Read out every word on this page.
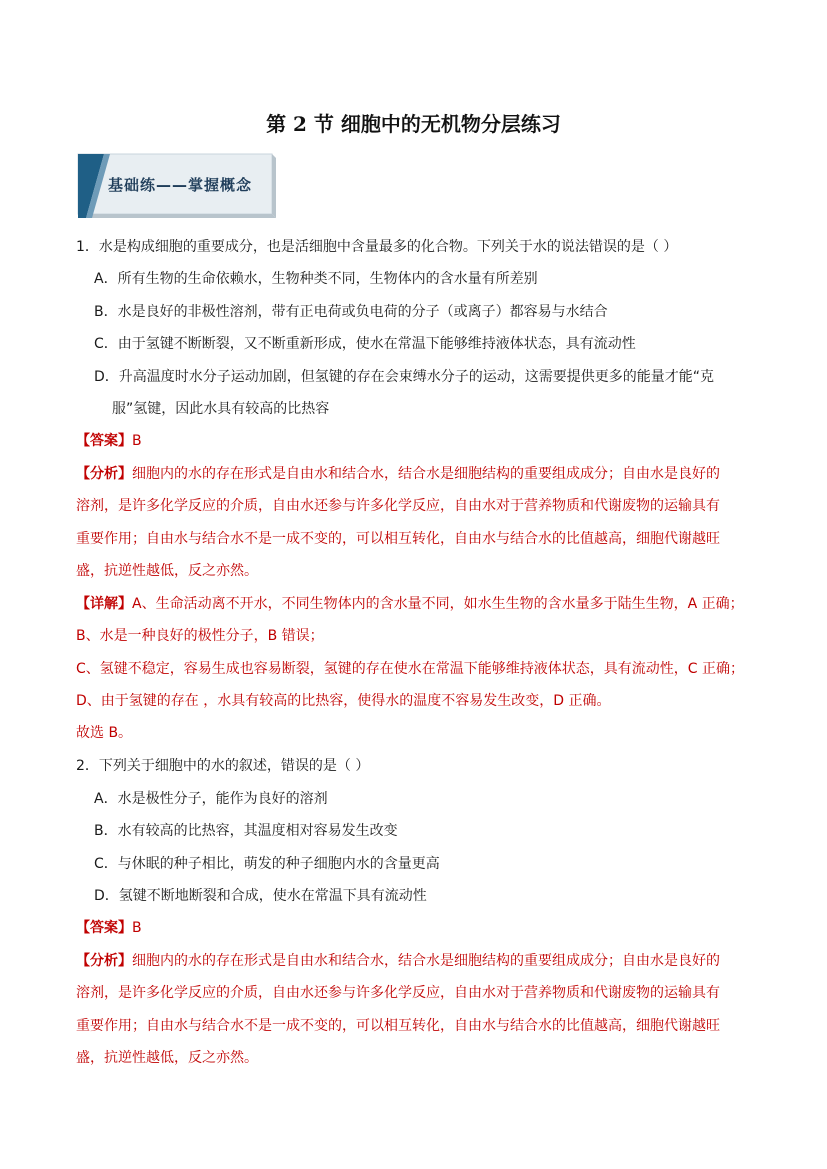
第 2 节 细胞中的无机物分层练习
基础练——掌握概念
1．水是构成细胞的重要成分，也是活细胞中含量最多的化合物。下列关于水的说法错误的是（ ）
A．所有生物的生命依赖水，生物种类不同，生物体内的含水量有所差别
B．水是良好的非极性溶剂，带有正电荷或负电荷的分子（或离子）都容易与水结合
C．由于氢键不断断裂，又不断重新形成，使水在常温下能够维持液体状态，具有流动性
D．升高温度时水分子运动加剧，但氢键的存在会束缚水分子的运动，这需要提供更多的能量才能“克
服”氢键，因此水具有较高的比热容
【答案】B
【分析】细胞内的水的存在形式是自由水和结合水，结合水是细胞结构的重要组成成分；自由水是良好的
溶剂，是许多化学反应的介质，自由水还参与许多化学反应，自由水对于营养物质和代谢废物的运输具有
重要作用；自由水与结合水不是一成不变的，可以相互转化，自由水与结合水的比值越高，细胞代谢越旺
盛，抗逆性越低，反之亦然。
【详解】A、生命活动离不开水，不同生物体内的含水量不同，如水生生物的含水量多于陆生生物，A 正确；
B、水是一种良好的极性分子，B 错误；
C、氢键不稳定，容易生成也容易断裂，氢键的存在使水在常温下能够维持液体状态，具有流动性，C 正确；
D、由于氢键的存在 ，水具有较高的比热容，使得水的温度不容易发生改变，D 正确。
故选 B。
2．下列关于细胞中的水的叙述，错误的是（ ）
A．水是极性分子，能作为良好的溶剂
B．水有较高的比热容，其温度相对容易发生改变
C．与休眠的种子相比，萌发的种子细胞内水的含量更高
D．氢键不断地断裂和合成，使水在常温下具有流动性
【答案】B
【分析】细胞内的水的存在形式是自由水和结合水，结合水是细胞结构的重要组成成分；自由水是良好的
溶剂，是许多化学反应的介质，自由水还参与许多化学反应，自由水对于营养物质和代谢废物的运输具有
重要作用；自由水与结合水不是一成不变的，可以相互转化，自由水与结合水的比值越高，细胞代谢越旺
盛，抗逆性越低，反之亦然。
